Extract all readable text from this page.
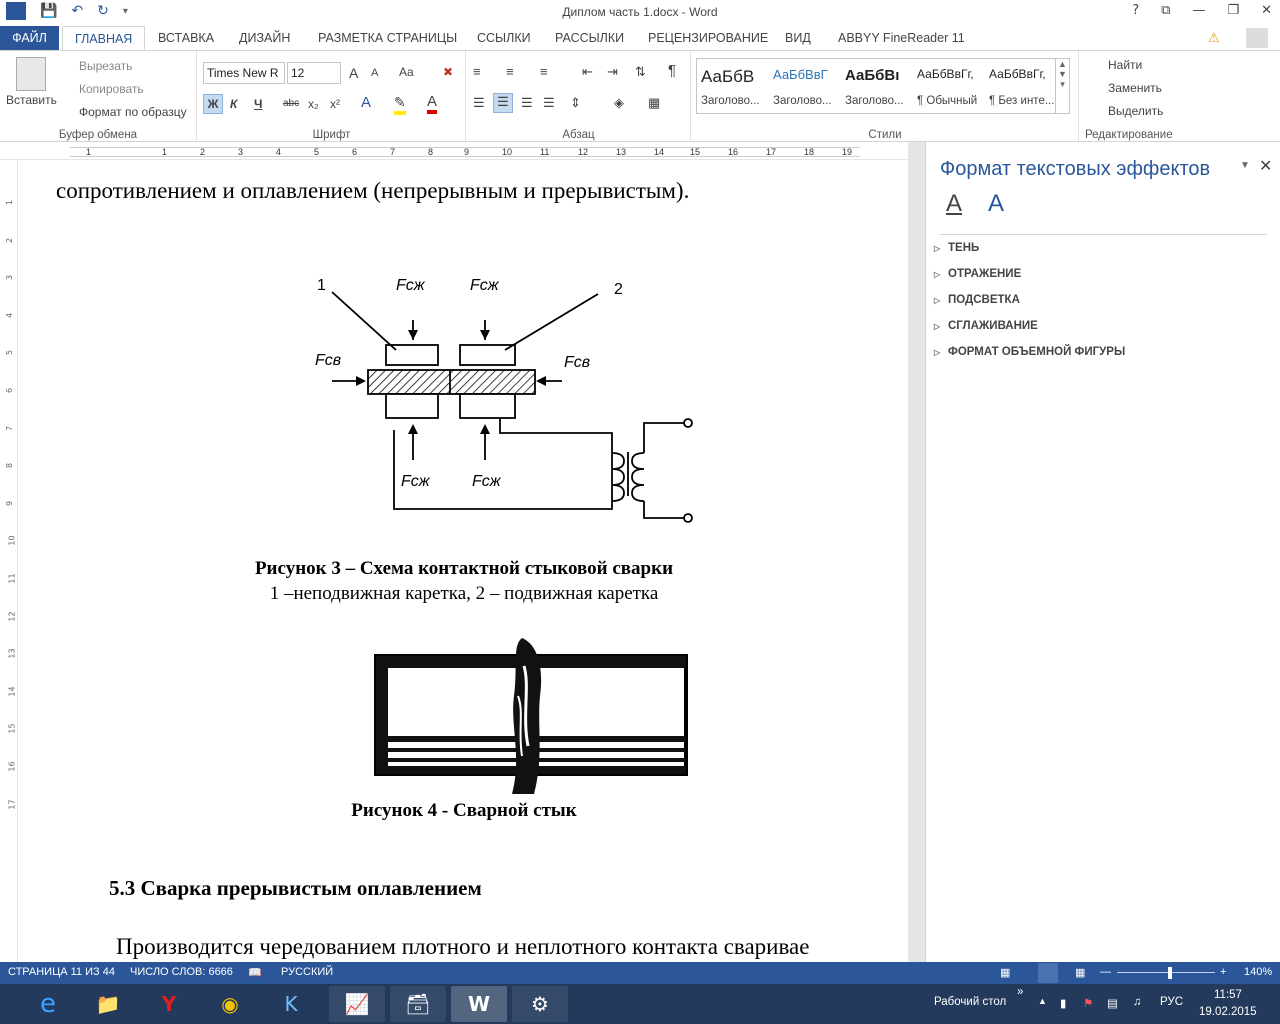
W 💾 ↶ ↻ ▾	Диплом часть 1.docx - Word	? ⧉ — ❐ ✕
ФАЙЛ	ГЛАВНАЯ	ВСТАВКА ДИЗАЙН РАЗМЕТКА СТРАНИЦЫ ССЫЛКИ РАССЫЛКИ РЕЦЕНЗИРОВАНИЕ ВИД ABBYY FineReader 11	⚠
Вставить
Вырезать
Копировать
Формат по образцу
Буфер обмена
Times New R	12	A A Aa ✖
Ж К Ч abc x₂ x² A ✎ A
Шрифт
≡ ≡ ≡	⇤ ⇥ ⇅ ¶
☰ ☰ ☰ ☰ ⇕	◈ ▦
Абзац
АаБбВ
Заголово...
АаБбВвГ
Заголово...
АаБбВı
Заголово...
АаБбВвГг,
¶ Обычный
АаБбВвГг,
¶ Без инте...
▲
▼
▾
Стили
Найти
Заменить
Выделить
Редактирование
1	1	2	3	4	5	6	7	8	9	10	11	12	13	14	15	16	17	18	19
1
2
3
4
5
6
7
8
9
10
11
12
13
14
15
16
17
сопротивлением и оплавлением (непрерывным и прерывистым).
1	2
Fсж	Fсж
Fсв	Fсв
Fсж	Fсж
Рисунок 3 – Схема контактной стыковой сварки
1 –неподвижная каретка, 2 – подвижная каретка
Рисунок 4 - Сварной стык
5.3 Сварка прерывистым оплавлением
Производится чередованием плотного и неплотного контакта сваривае
Формат текстовых эффектов	▼ ✕
A A
▷ ТЕНЬ
▷ ОТРАЖЕНИЕ
▷ ПОДСВЕТКА
▷ СГЛАЖИВАНИЕ
▷ ФОРМАТ ОБЪЕМНОЙ ФИГУРЫ
СТРАНИЦА 11 ИЗ 44 ЧИСЛО СЛОВ: 6666 📖 РУССКИЙ	▦	▦ —	+ 140%
e	📁	Y	◉	K	📈	🗃	W	⚙	Рабочий стол
»
▲ ▮ ⚑ ▤ ♫ РУС
11:57
19.02.2015
